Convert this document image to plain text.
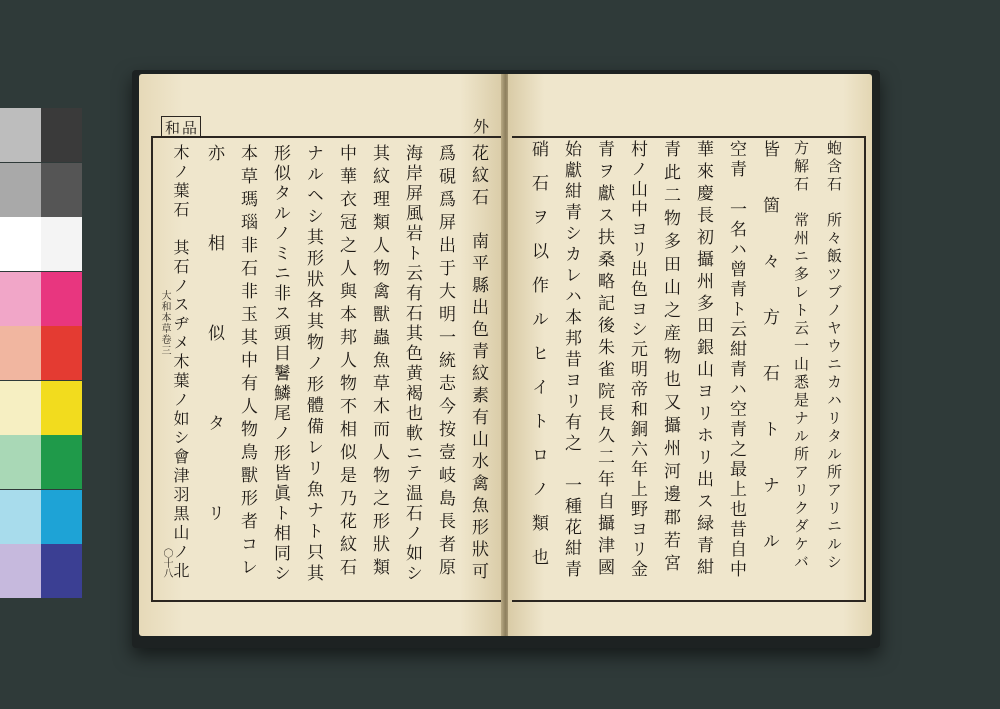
和品	外
大和本草卷三
〇十八	花紋石　南平縣出色青紋素有山水禽魚形狀可
爲硯爲屏出于大明一統志今按壹岐島長者原
海岸屏風岩ト云有石其色黄褐也軟ニテ温石ノ如シ
其紋理類人物禽獸蟲魚草木而人物之形狀類
中華衣冠之人與本邦人物不相似是乃花紋石
ナルヘシ其形狀各其物ノ形體備レリ魚ナト只其
形似タルノミニ非ス頭目鬐鱗尾ノ形皆眞ト相同シ
本草瑪瑙非石非玉其中有人物鳥獸形者コレ
亦相似タリ
木ノ葉石　其石ノスヂメ木葉ノ如シ會津羽黒山ノ北	蚫含石　所々飯ツブノヤウニカハリタル所アリニルシ
方解石　常州ニ多レト云一山悉是ナル所アリクダケバ
皆箇々方石トナル
空青　一名ハ曾青ト云紺青ハ空青之最上也昔自中
華來慶長初攝州多田銀山ヨリホリ出ス緑青紺
青此二物多田山之産物也又攝州河邊郡若宮
村ノ山中ヨリ出色ヨシ元明帝和銅六年上野ヨリ金
青ヲ獻ス扶桑略記後朱雀院長久二年自攝津國
始獻紺青シカレハ本邦昔ヨリ有之　一種花紺青
硝石ヲ以作ルヒイトロノ類也
